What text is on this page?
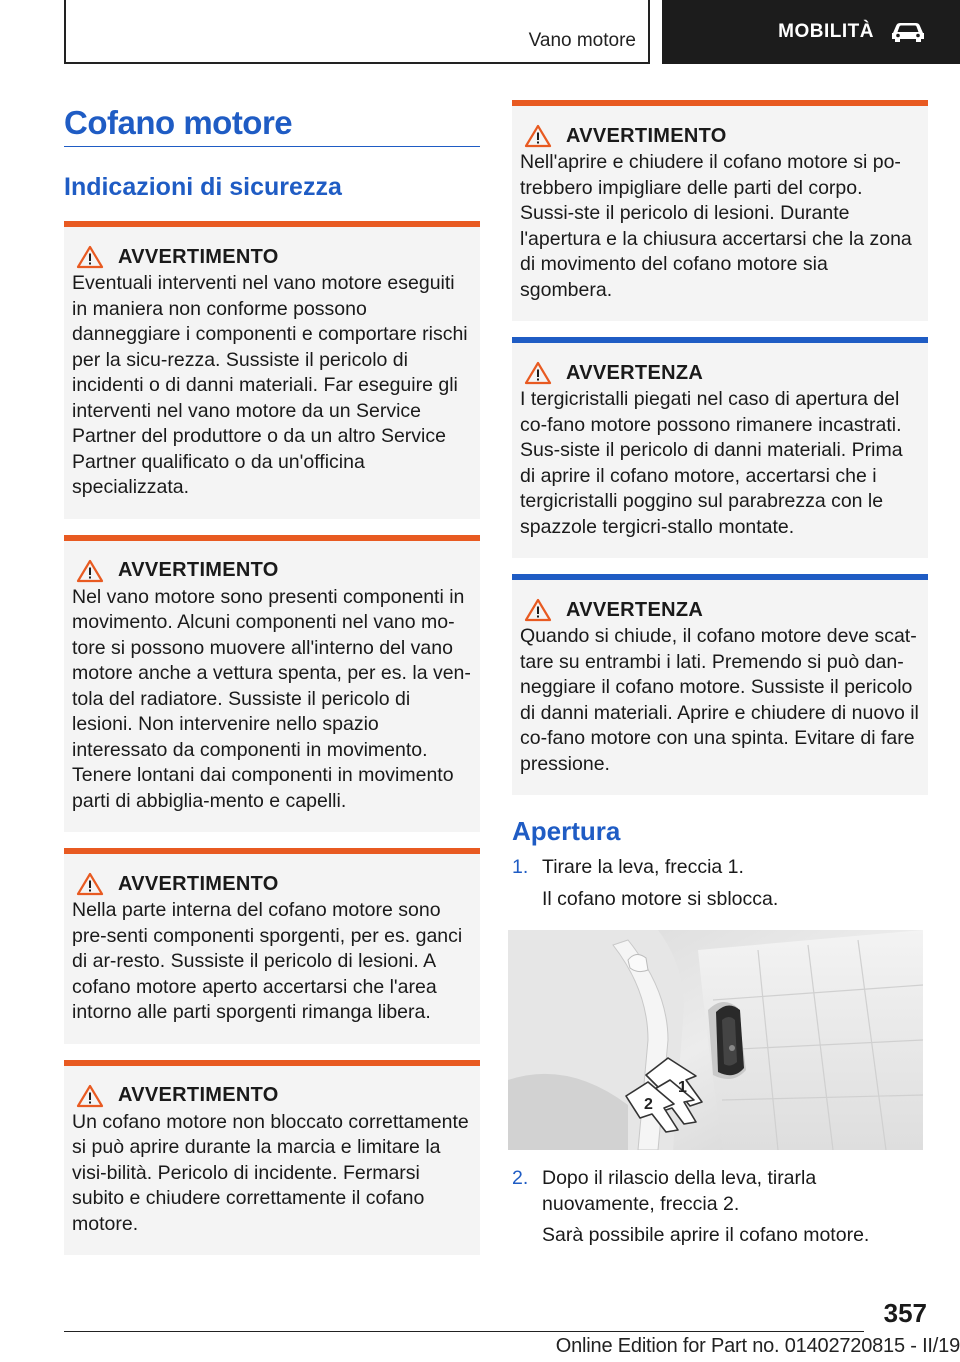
Vano motore	MOBILITÀ
Cofano motore
Indicazioni di sicurezza
AVVERTIMENTO

Eventuali interventi nel vano motore eseguiti in maniera non conforme possono danneggiare i componenti e comportare rischi per la sicu-rezza. Sussiste il pericolo di incidenti o di danni materiali. Far eseguire gli interventi nel vano motore da un Service Partner del produttore o da un altro Service Partner qualificato o da un'officina specializzata.

AVVERTIMENTO

Nel vano motore sono presenti componenti in movimento. Alcuni componenti nel vano mo-tore si possono muovere all'interno del vano motore anche a vettura spenta, per es. la ven-tola del radiatore. Sussiste il pericolo di lesioni. Non intervenire nello spazio interessato da componenti in movimento. Tenere lontani dai componenti in movimento parti di abbiglia-mento e capelli.

AVVERTIMENTO

Nella parte interna del cofano motore sono pre-senti componenti sporgenti, per es. ganci di ar-resto. Sussiste il pericolo di lesioni. A cofano motore aperto accertarsi che l'area intorno alle parti sporgenti rimanga libera.

AVVERTIMENTO

Un cofano motore non bloccato correttamente si può aprire durante la marcia e limitare la visi-bilità. Pericolo di incidente. Fermarsi subito e chiudere correttamente il cofano motore.

AVVERTIMENTO

Nell'aprire e chiudere il cofano motore si po-trebbero impigliare delle parti del corpo. Sussi-ste il pericolo di lesioni. Durante l'apertura e la chiusura accertarsi che la zona di movimento del cofano motore sia sgombera.

AVVERTENZA

I tergicristalli piegati nel caso di apertura del co-fano motore possono rimanere incastrati. Sus-siste il pericolo di danni materiali. Prima di aprire il cofano motore, accertarsi che i tergicristalli poggino sul parabrezza con le spazzole tergicri-stallo montate.

AVVERTENZA

Quando si chiude, il cofano motore deve scat-tare su entrambi i lati. Premendo si può dan-neggiare il cofano motore. Sussiste il pericolo di danni materiali. Aprire e chiudere di nuovo il co-fano motore con una spinta. Evitare di fare pressione.

Apertura
1. Tirare la leva, freccia 1.
Il cofano motore si sblocca.
1
2
2. Dopo il rilascio della leva, tirarla nuovamente, freccia 2.
Sarà possibile aprire il cofano motore.
357
Online Edition for Part no. 01402720815 - II/19
